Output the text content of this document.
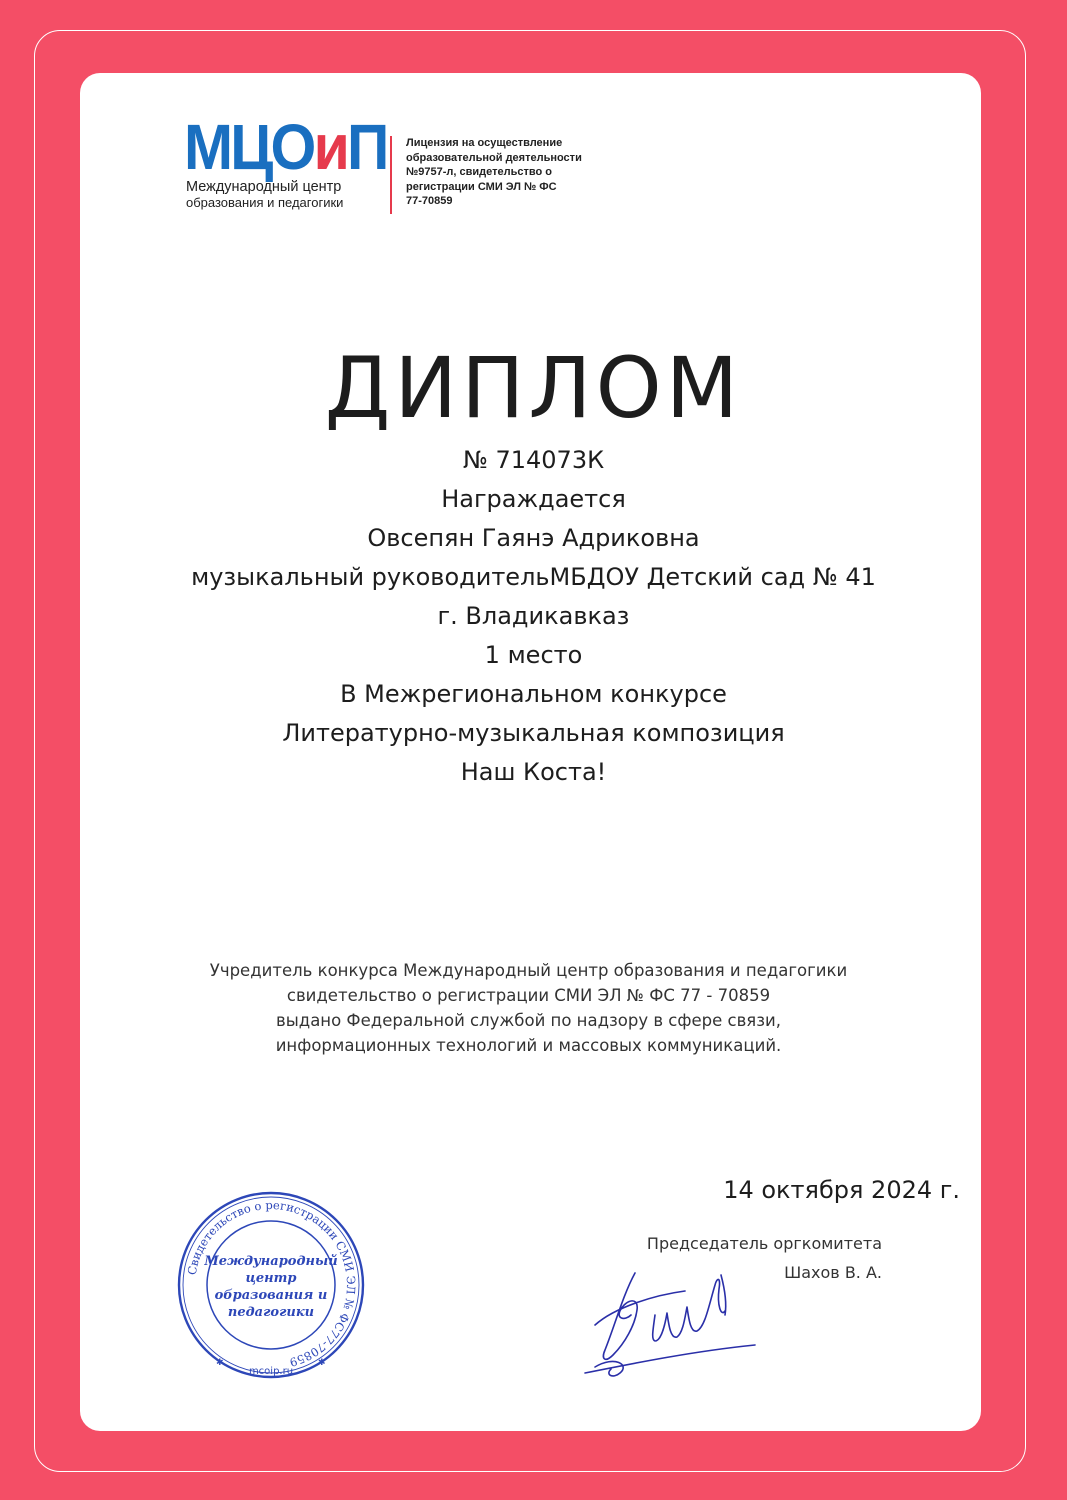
МЦОиП
Международный центр
образования и педагогики
Лицензия на осуществление
образовательной деятельности
№9757-л, свидетельство о
регистрации СМИ ЭЛ № ФС
77-70859
ДИПЛОМ
№ 714073К
Награждается
Овсепян Гаянэ Адриковна
музыкальный руководительМБДОУ Детский сад № 41
г. Владикавказ
1 место
В Межрегиональном конкурсе
Литературно-музыкальная композиция
Наш Коста!
Учредитель конкурса Международный центр образования и педагогики
свидетельство о регистрации СМИ ЭЛ № ФС 77 - 70859
выдано Федеральной службой по надзору в сфере связи,
информационных технологий и массовых коммуникаций.
14 октября 2024 г.
Председатель оргкомитета
Шахов В. А.
Свидетельство о регистрации СМИ ЭЛ № ФС77-70859
Международный
центр
образования и
педагогики
mcoip.ru
✱	✱
